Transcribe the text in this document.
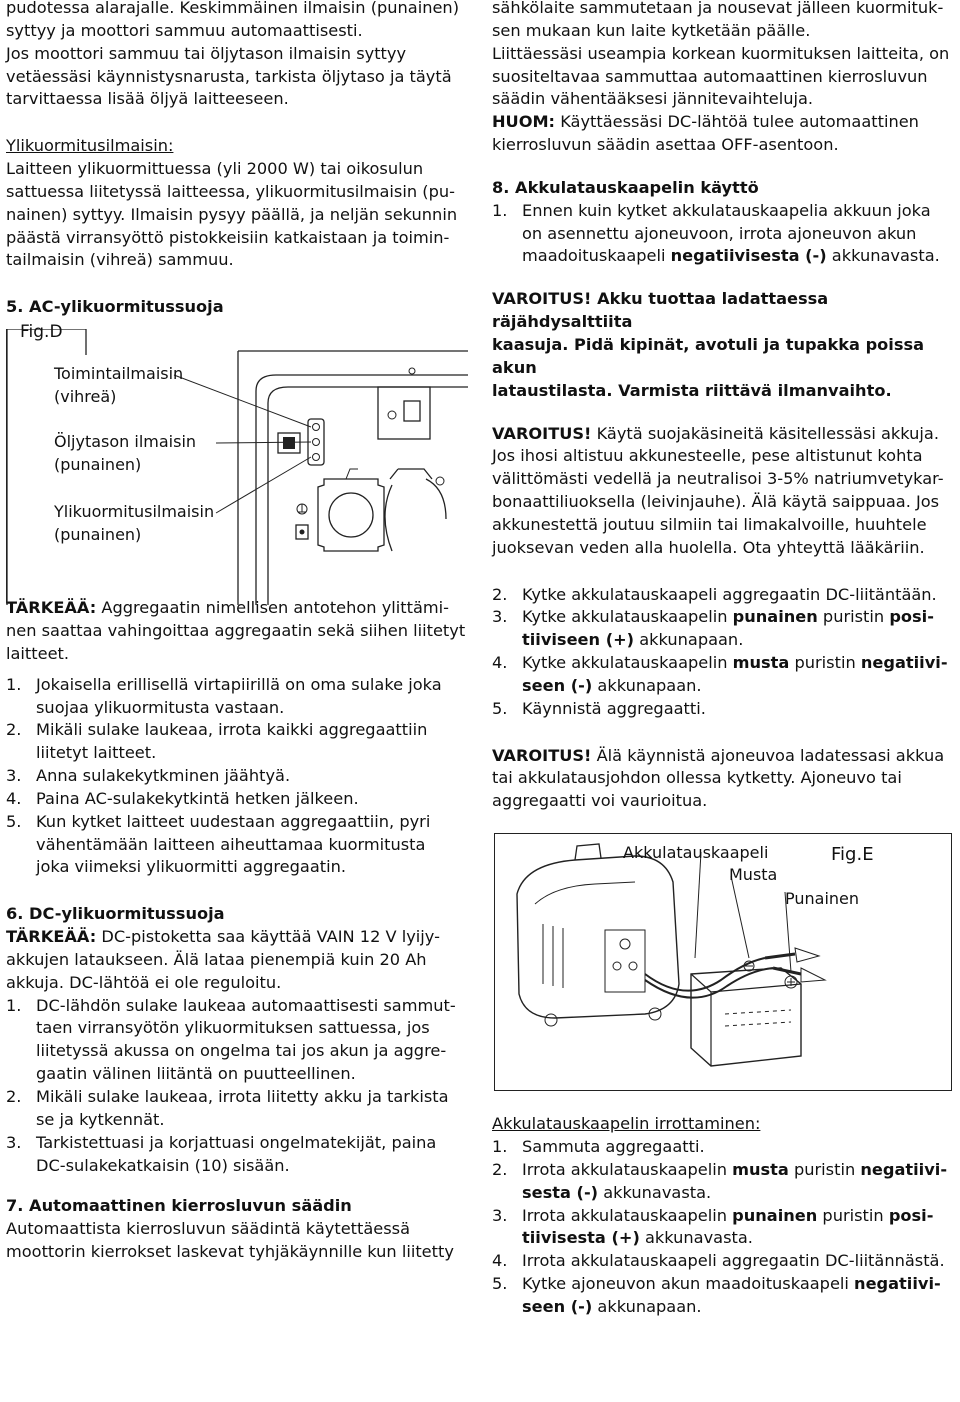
pudotessa alarajalle. Keskimmäinen ilmaisin (punainen)

syttyy ja moottori sammuu automaattisesti.

Jos moottori sammuu tai öljytason ilmaisin syttyy

vetäessäsi käynnistysnarusta, tarkista öljytaso ja täytä

tarvittaessa lisää öljyä laitteeseen.

Ylikuormitusilmaisin:

Laitteen ylikuormittuessa (yli 2000 W) tai oikosulun

sattuessa liitetyssä laitteessa, ylikuormitusilmaisin (pu-

nainen) syttyy. Ilmaisin pysyy päällä, ja neljän sekunnin

päästä virransyöttö pistokkeisiin katkaistaan ja toimin-

tailmaisin (vihreä) sammuu.

5. AC-ylikuormitussuoja

Fig.D
Toimintailmaisin
(vihreä)
Öljytason ilmaisin
(punainen)
Ylikuormitusilmaisin
(punainen)

TÄRKEÄÄ: Aggregaatin nimellisen antotehon ylittämi-

nen saattaa vahingoittaa aggregaatin sekä siihen liitetyt

laitteet.

1. Jokaisella erillisellä virtapiirillä on oma sulake joka
suojaa ylikuormitusta vastaan.
2. Mikäli sulake laukeaa, irrota kaikki aggregaattiin
liitetyt laitteet.
3. Anna sulakekytkminen jäähtyä.
4. Paina AC-sulakekytkintä hetken jälkeen.
5. Kun kytket laitteet uudestaan aggregaattiin, pyri
vähentämään laitteen aiheuttamaa kuormitusta
joka viimeksi ylikuormitti aggregaatin.

6. DC-ylikuormitussuoja

TÄRKEÄÄ: DC-pistoketta saa käyttää VAIN 12 V lyijy-

akkujen lataukseen. Älä lataa pienempiä kuin 20 Ah

akkuja. DC-lähtöä ei ole reguloitu.

1. DC-lähdön sulake laukeaa automaattisesti sammut-
taen virransyötön ylikuormituksen sattuessa, jos
liitetyssä akussa on ongelma tai jos akun ja aggre-
gaatin välinen liitäntä on puutteellinen.
2. Mikäli sulake laukeaa, irrota liitetty akku ja tarkista
se ja kytkennät.
3. Tarkistettuasi ja korjattuasi ongelmatekijät, paina
DC-sulakekatkaisin (10) sisään.

7. Automaattinen kierrosluvun säädin

Automaattista kierrosluvun säädintä käytettäessä

moottorin kierrokset laskevat tyhjäkäynnille kun liitetty

sähkölaite sammutetaan ja nousevat jälleen kuormituk-

sen mukaan kun laite kytketään päälle.

Liittäessäsi useampia korkean kuormituksen laitteita, on

suositeltavaa sammuttaa automaattinen kierrosluvun

säädin vähentääksesi jännitevaihteluja.

HUOM: Käyttäessäsi DC-lähtöä tulee automaattinen

kierrosluvun säädin asettaa OFF-asentoon.

8. Akkulatauskaapelin käyttö

1. Ennen kuin kytket akkulatauskaapelia akkuun joka
on asennettu ajoneuvoon, irrota ajoneuvon akun
maadoituskaapeli negatiivisesta (-) akkunavasta.

VAROITUS! Akku tuottaa ladattaessa räjähdysalttiita

kaasuja. Pidä kipinät, avotuli ja tupakka poissa akun

lataustilasta. Varmista riittävä ilmanvaihto.

VAROITUS! Käytä suojakäsineitä käsitellessäsi akkuja.

Jos ihosi altistuu akkunesteelle, pese altistunut kohta

välittömästi vedellä ja neutralisoi 3-5% natriumvetykar-

bonaattiliuoksella (leivinjauhe). Älä käytä saippuaa. Jos

akkunestettä joutuu silmiin tai limakalvoille, huuhtele

juoksevan veden alla huolella. Ota yhteyttä lääkäriin.

2. Kytke akkulatauskaapeli aggregaatin DC-liitäntään.
3. Kytke akkulatauskaapelin punainen puristin posi-
tiiviseen (+) akkunapaan.
4. Kytke akkulatauskaapelin musta puristin negatiivi-
seen (-) akkunapaan.
5. Käynnistä aggregaatti.

VAROITUS! Älä käynnistä ajoneuvoa ladatessasi akkua

tai akkulatausjohdon ollessa kytketty. Ajoneuvo tai

aggregaatti voi vaurioitua.

Akkulatauskaapeli
Musta
Punainen
Fig.E

Akkulatauskaapelin irrottaminen:

1. Sammuta aggregaatti.
2. Irrota akkulatauskaapelin musta puristin negatiivi-
sesta (-) akkunavasta.
3. Irrota akkulatauskaapelin punainen puristin posi-
tiivisesta (+) akkunavasta.
4. Irrota akkulatauskaapeli aggregaatin DC-liitännästä.
5. Kytke ajoneuvon akun maadoituskaapeli negatiivi-
seen (-) akkunapaan.
